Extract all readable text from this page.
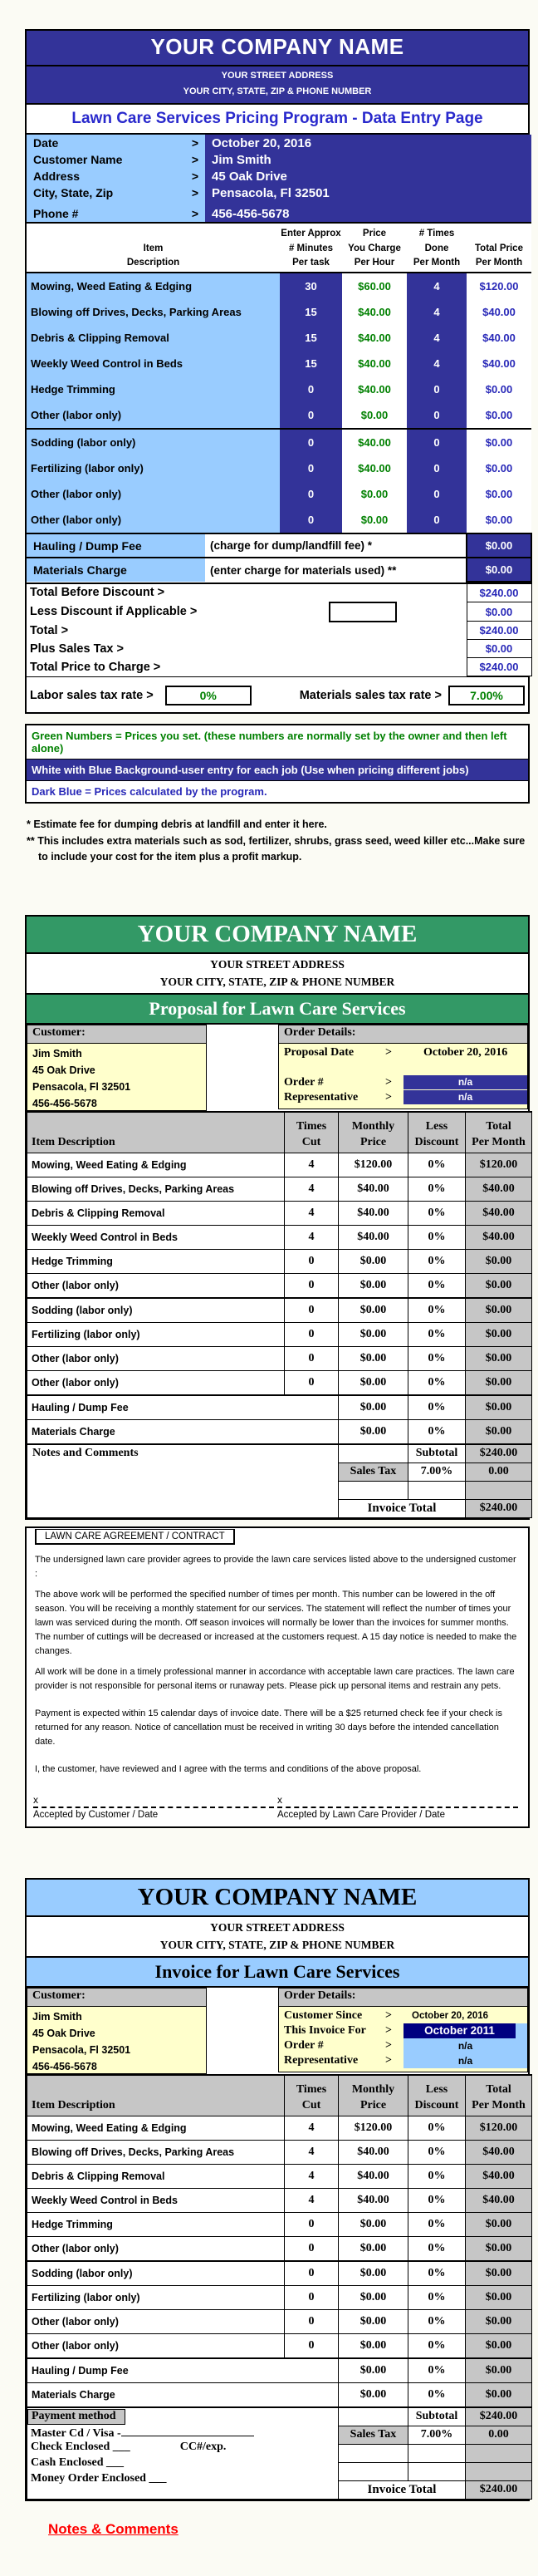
YOUR COMPANY NAME
YOUR STREET ADDRESS
YOUR CITY, STATE, ZIP & PHONE NUMBER
Lawn Care Services Pricing Program - Data Entry Page
Date >	October 20, 2016

Customer Name >	Jim Smith

Address >	45 Oak Drive

City, State, Zip >	Pensacola, Fl 32501

Phone # >	456-456-5678
Item
Description

Enter Approx
# Minutes
Per task

Price
You Charge
Per Hour

# Times
Done
Per Month

Total Price
Per Month

Mowing, Weed Eating & Edging	30	$60.00	4	$120.00
Blowing off Drives, Decks, Parking Areas	15	$40.00	4	$40.00
Debris & Clipping Removal	15	$40.00	4	$40.00
Weekly Weed Control in Beds	15	$40.00	4	$40.00
Hedge Trimming	0	$40.00	0	$0.00
Other (labor only)	0	$0.00	0	$0.00
Sodding (labor only)	0	$40.00	0	$0.00
Fertilizing (labor only)	0	$40.00	0	$0.00
Other (labor only)	0	$0.00	0	$0.00
Other (labor only)	0	$0.00	0	$0.00
Hauling / Dump Fee	(charge for dump/landfill fee) *	$0.00
Materials Charge	(enter charge for materials used) **	$0.00
Total Before Discount >			$240.00
Less Discount if Applicable >	0.00%		$0.00
Total >			$240.00
Plus Sales Tax >			$0.00
Total Price to Charge >			$240.00
Labor sales tax rate >	0%	Materials sales tax rate >	7.00%
Green Numbers = Prices you set. (these numbers are normally set by the owner and then left alone)
White with Blue Background-user entry for each job (Use when pricing different jobs)
Dark Blue = Prices calculated by the program.
* Estimate fee for dumping debris at landfill and enter it here.
** This includes extra materials such as sod, fertilizer, shrubs, grass seed, weed killer etc...Make sure to include your cost for the item plus a profit markup.
YOUR COMPANY NAME
YOUR STREET ADDRESS
YOUR CITY, STATE, ZIP & PHONE NUMBER
Proposal for Lawn Care Services
Customer:
Jim Smith
45 Oak Drive
Pensacola, Fl 32501
456-456-5678
Order Details:
Proposal Date	>	October 20, 2016
Order #	>	n/a
Representative	>	n/a
Item Description	
Times
Cut

Monthly
Price

Less
Discount

Total
Per Month

Mowing, Weed Eating & Edging	4	$120.00	0%	$120.00
Blowing off Drives, Decks, Parking Areas	4	$40.00	0%	$40.00
Debris & Clipping Removal	4	$40.00	0%	$40.00
Weekly Weed Control in Beds	4	$40.00	0%	$40.00
Hedge Trimming	0	$0.00	0%	$0.00
Other (labor only)	0	$0.00	0%	$0.00
Sodding (labor only)	0	$0.00	0%	$0.00
Fertilizing (labor only)	0	$0.00	0%	$0.00
Other (labor only)	0	$0.00	0%	$0.00
Other (labor only)	0	$0.00	0%	$0.00
Hauling / Dump Fee		$0.00	0%	$0.00
Materials Charge		$0.00	0%	$0.00
Notes and Comments			Subtotal	$240.00
		Sales Tax	7.00%	0.00

		Invoice Total		$240.00
LAWN CARE AGREEMENT / CONTRACT

The undersigned lawn care provider agrees to provide the lawn care services listed above to the undersigned customer :

The above work will be performed the specified number of times per month. This number can be lowered in the off season. You will be receiving a monthly statement for our services. The statement will reflect the number of times your lawn was serviced during the month. Off season invoices will normally be lower than the invoices for summer months. The number of cuttings will be decreased or increased at the customers request. A 15 day notice is needed to make the changes.

All work will be done in a timely professional manner in accordance with acceptable lawn care practices. The lawn care provider is not responsible for personal items or runaway pets. Please pick up personal items and restrain any pets.

Payment is expected within 15 calendar days of invoice date. There will be a $25 returned check fee if your check is returned for any reason. Notice of cancellation must be received in writing 30 days before the intended cancellation date.

I, the customer, have reviewed and I agree with the terms and conditions of the above proposal.

x
Accepted by Customer / Date
x
Accepted by Lawn Care Provider / Date
YOUR COMPANY NAME
YOUR STREET ADDRESS
YOUR CITY, STATE, ZIP & PHONE NUMBER
Invoice for Lawn Care Services
Customer:
Jim Smith
45 Oak Drive
Pensacola, Fl 32501
456-456-5678
Order Details:
Customer Since	>	October 20, 2016
This Invoice For	>	October 2011
Order #	>	n/a
Representative	>	n/a
Item Description	
Times
Cut

Monthly
Price

Less
Discount

Total
Per Month

Mowing, Weed Eating & Edging	4	$120.00	0%	$120.00
Blowing off Drives, Decks, Parking Areas	4	$40.00	0%	$40.00
Debris & Clipping Removal	4	$40.00	0%	$40.00
Weekly Weed Control in Beds	4	$40.00	0%	$40.00
Hedge Trimming	0	$0.00	0%	$0.00
Other (labor only)	0	$0.00	0%	$0.00
Sodding (labor only)	0	$0.00	0%	$0.00
Fertilizing (labor only)	0	$0.00	0%	$0.00
Other (labor only)	0	$0.00	0%	$0.00
Other (labor only)	0	$0.00	0%	$0.00
Hauling / Dump Fee		$0.00	0%	$0.00
Materials Charge		$0.00	0%	$0.00
Payment method
Master Cd / Visa -
Check Enclosed ___ CC#/exp.
Cash Enclosed ___
Money Order Enclosed ___			Subtotal	$240.00
		Sales Tax	7.00%	0.00

		Invoice Total		$240.00
Notes & Comments
